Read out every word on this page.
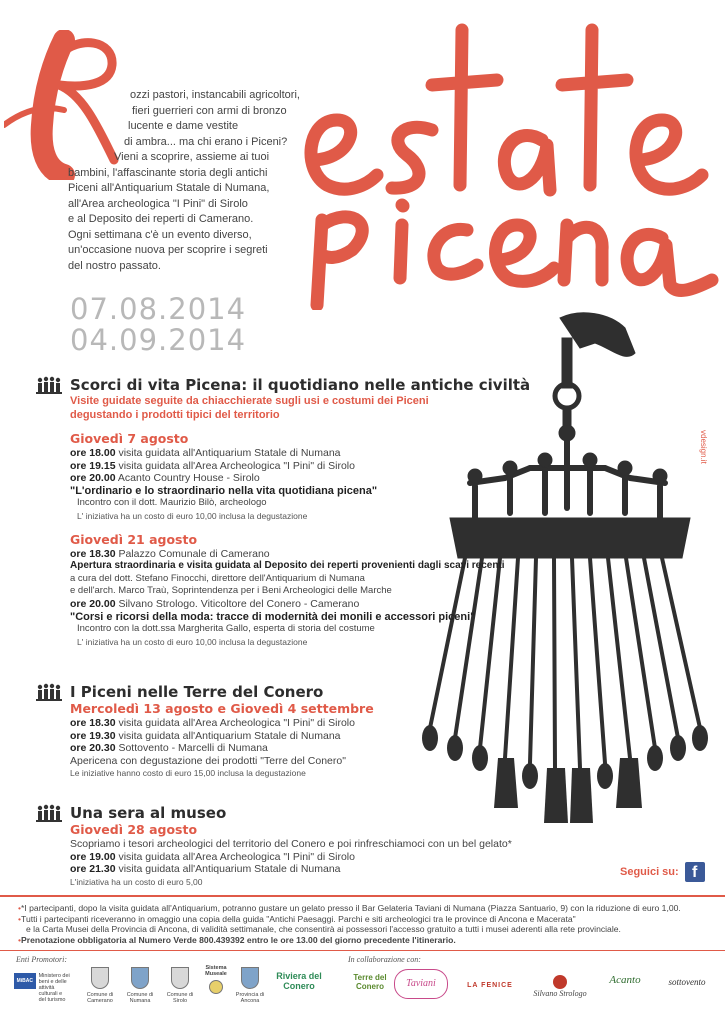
ozzi pastori, instancabili agricoltori,
fieri guerrieri con armi di bronzo
lucente e dame vestite
di ambra... ma chi erano i Piceni?
Vieni a scoprire, assieme ai tuoi
bambini, l'affascinante storia degli antichi
Piceni all'Antiquarium Statale di Numana,
all'Area archeologica "I Pini" di Sirolo
e al Deposito dei reperti di Camerano.
Ogni settimana c'è un evento diverso,
un'occasione nuova per scoprire i segreti
del nostro passato.
07.08.2014
04.09.2014
vdesign.it
Scorci di vita Picena: il quotidiano nelle antiche civiltà
Visite guidate seguite da chiacchierate sugli usi e costumi dei Piceni
degustando i prodotti tipici del territorio
Giovedì 7 agosto
ore 18.00 visita guidata all'Antiquarium Statale di Numana
ore 19.15 visita guidata all'Area Archeologica "I Pini" di Sirolo
ore 20.00 Acanto Country House - Sirolo
"L'ordinario e lo straordinario nella vita quotidiana picena"
Incontro con il dott. Maurizio Bilò, archeologo
L' iniziativa ha un costo di euro 10,00 inclusa la degustazione
Giovedì 21 agosto
ore 18.30 Palazzo Comunale di Camerano
Apertura straordinaria e visita guidata al Deposito dei reperti provenienti dagli scavi recenti
a cura del dott. Stefano Finocchi, direttore dell'Antiquarium di Numana
e dell'arch. Marco Traù, Soprintendenza per i Beni Archeologici delle Marche
ore 20.00 Silvano Strologo. Viticoltore del Conero - Camerano
"Corsi e ricorsi della moda: tracce di modernità dei monili e accessori piceni"
Incontro con la dott.ssa Margherita Gallo, esperta di storia del costume
L' iniziativa ha un costo di euro 10,00 inclusa la degustazione
I Piceni nelle Terre del Conero
Mercoledì 13 agosto e Giovedì 4 settembre
ore 18.30 visita guidata all'Area Archeologica "I Pini" di Sirolo
ore 19.30 visita guidata all'Antiquarium Statale di Numana
ore 20.30 Sottovento - Marcelli di Numana
Apericena con degustazione dei prodotti "Terre del Conero"
Le iniziative hanno costo di euro 15,00 inclusa la degustazione
Una sera al museo
Giovedì 28 agosto
Scopriamo i tesori archeologici del territorio del Conero e poi rinfreschiamoci con un bel gelato*
ore 19.00 visita guidata all'Area Archeologica "I Pini" di Sirolo
ore 21.30 visita guidata all'Antiquarium Statale di Numana
L'iniziativa ha un costo di euro 5,00
Seguici su: f
•*I partecipanti, dopo la visita guidata all'Antiquarium, potranno gustare un gelato presso il Bar Gelateria Taviani di Numana (Piazza Santuario, 9) con la riduzione di euro 1,00.
•Tutti i partecipanti riceveranno in omaggio una copia della guida "Antichi Paesaggi. Parchi e siti archeologici tra le province di Ancona e Macerata"
e la Carta Musei della Provincia di Ancona, di validità settimanale, che consentirà ai possessori l'accesso gratuito a tutti i musei aderenti alla rete provinciale.
•Prenotazione obbligatoria al Numero Verde 800.439392 entro le ore 13.00 del giorno precedente l'itinerario.
Enti Promotori:	In collaborazione con:
MiBAC
Ministero dei beni e delle attività culturali e del turismo
Comune di Camerano
Comune di Numana
Comune di Sirolo
Sistema Museale
Provincia di Ancona
Riviera del Conero
Terre del Conero	Taviani	LA FENICE
Silvano Strologo
Acanto	sottovento
